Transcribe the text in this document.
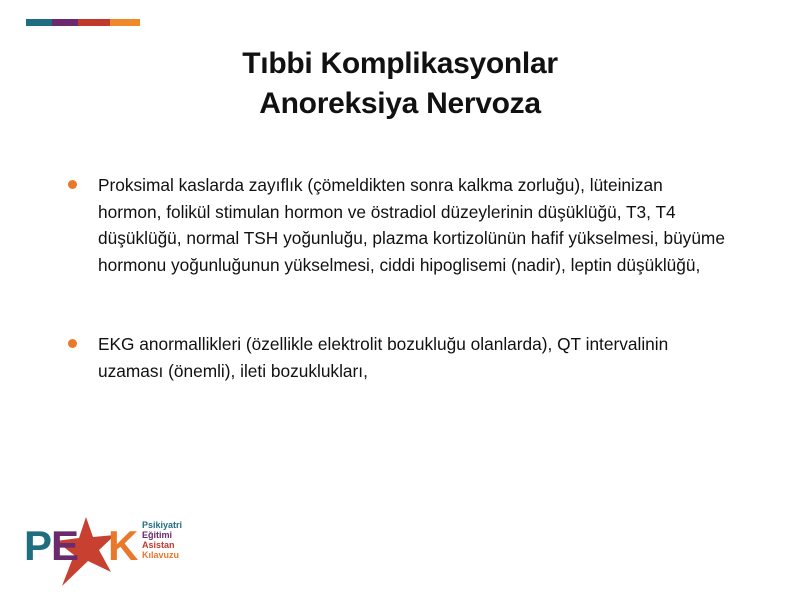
Tıbbi Komplikasyonlar
Anoreksiya Nervoza
Proksimal kaslarda zayıflık (çömeldikten sonra kalkma zorluğu), lüteinizan hormon, folikül stimulan hormon ve östradiol düzeylerinin düşüklüğü, T3, T4 düşüklüğü, normal TSH yoğunluğu, plazma kortizolünün hafif yükselmesi, büyüme hormonu yoğunluğunun yükselmesi, ciddi hipoglisemi (nadir), leptin düşüklüğü,
EKG anormallikleri (özellikle elektrolit bozukluğu olanlarda), QT intervalinin uzaması (önemli), ileti bozuklukları,
P
E K Psikiyatri
Eğitimi
Asistan
Kılavuzu
